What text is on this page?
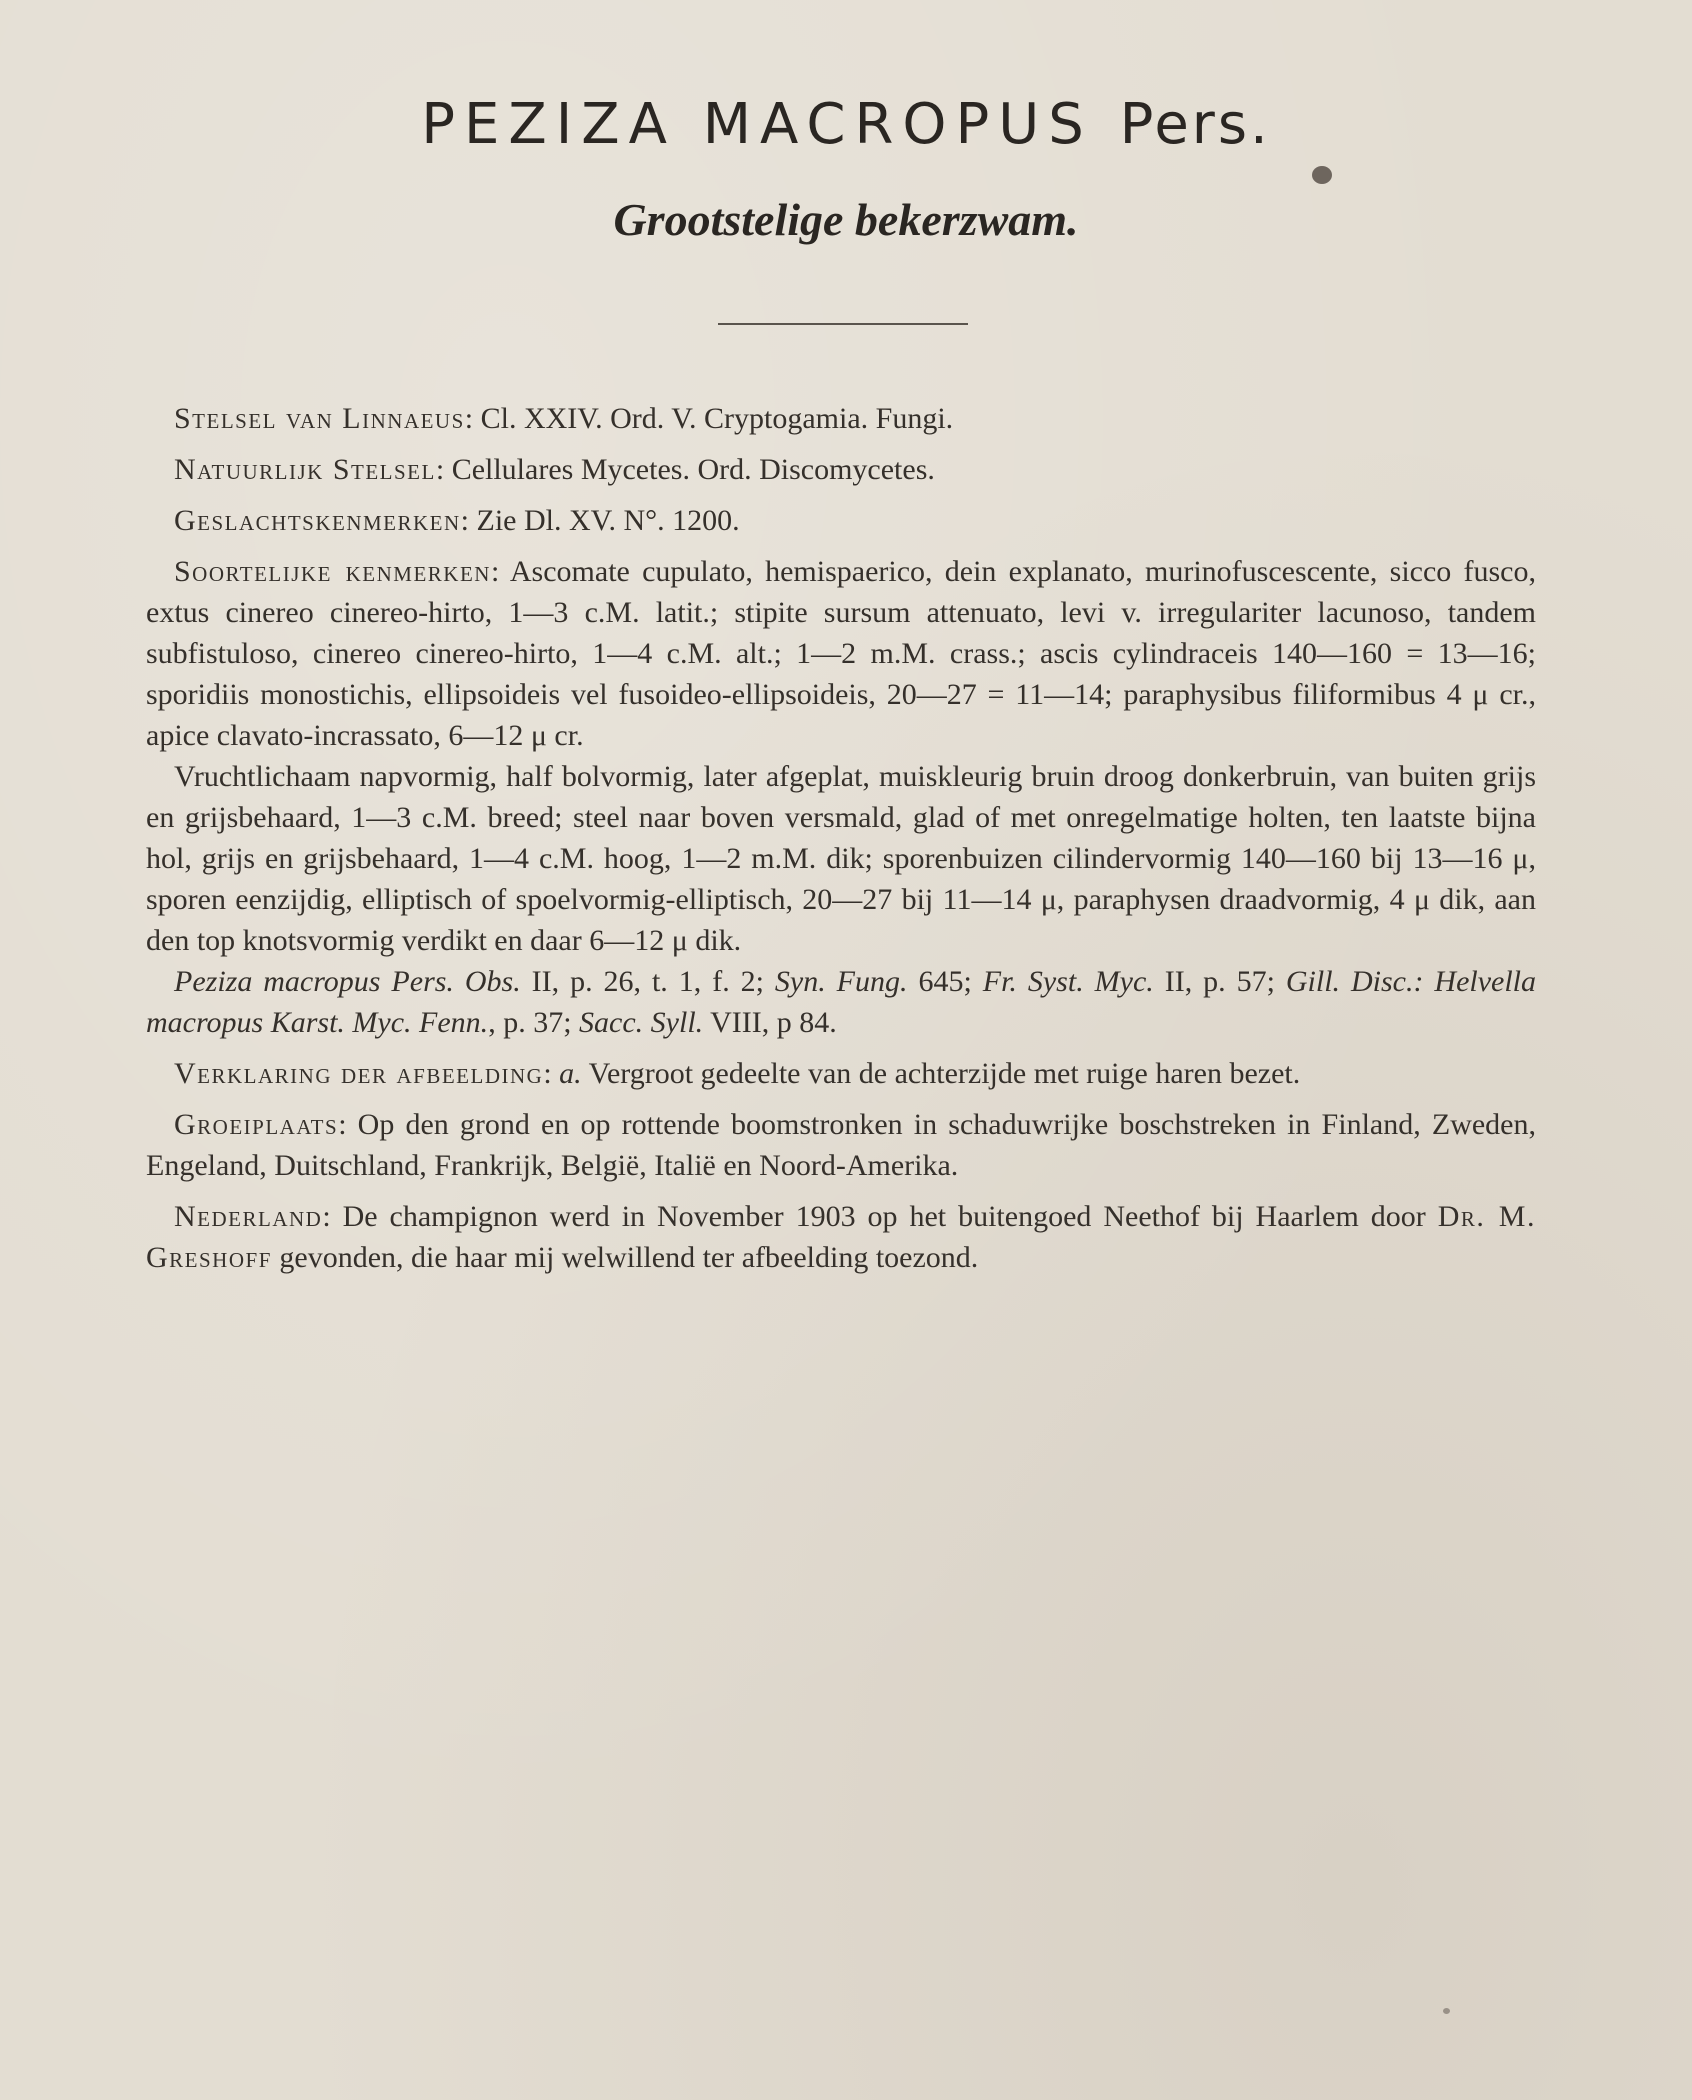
PEZIZA MACROPUS Pers.
Grootstelige bekerzwam.

Stelsel van Linnaeus: Cl. XXIV. Ord. V. Cryptogamia. Fungi.

Natuurlijk Stelsel: Cellulares Mycetes. Ord. Discomycetes.

Geslachtskenmerken: Zie Dl. XV. N°. 1200.

Soortelijke kenmerken: Ascomate cupulato, hemispaerico, dein explanato, murinofuscescente, sicco fusco, extus cinereo cinereo-hirto, 1—3 c.M. latit.; stipite sursum attenuato, levi v. irregulariter lacunoso, tandem subfistuloso, cinereo cinereo-hirto, 1—4 c.M. alt.; 1—2 m.M. crass.; ascis cylindraceis 140—160 = 13—16; sporidiis monostichis, ellipsoideis vel fusoideo-ellipsoideis, 20—27 = 11—14; paraphysibus filiformibus 4 μ cr., apice clavato-incrassato, 6—12 μ cr.

Vruchtlichaam napvormig, half bolvormig, later afgeplat, muiskleurig bruin droog donkerbruin, van buiten grijs en grijsbehaard, 1—3 c.M. breed; steel naar boven versmald, glad of met onregelmatige holten, ten laatste bijna hol, grijs en grijsbehaard, 1—4 c.M. hoog, 1—2 m.M. dik; sporenbuizen cilindervormig 140—160 bij 13—16 μ, sporen eenzijdig, elliptisch of spoelvormig-elliptisch, 20—27 bij 11—14 μ, paraphysen draadvormig, 4 μ dik, aan den top knotsvormig verdikt en daar 6—12 μ dik.

Peziza macropus Pers. Obs. II, p. 26, t. 1, f. 2; Syn. Fung. 645; Fr. Syst. Myc. II, p. 57; Gill. Disc.: Helvella macropus Karst. Myc. Fenn., p. 37; Sacc. Syll. VIII, p 84.

Verklaring der afbeelding: a. Vergroot gedeelte van de achterzijde met ruige haren bezet.

Groeiplaats: Op den grond en op rottende boomstronken in schaduwrijke boschstreken in Finland, Zweden, Engeland, Duitschland, Frankrijk, België, Italië en Noord-Amerika.

Nederland: De champignon werd in November 1903 op het buitengoed Neethof bij Haarlem door Dr. M. Greshoff gevonden, die haar mij welwillend ter afbeelding toezond.
